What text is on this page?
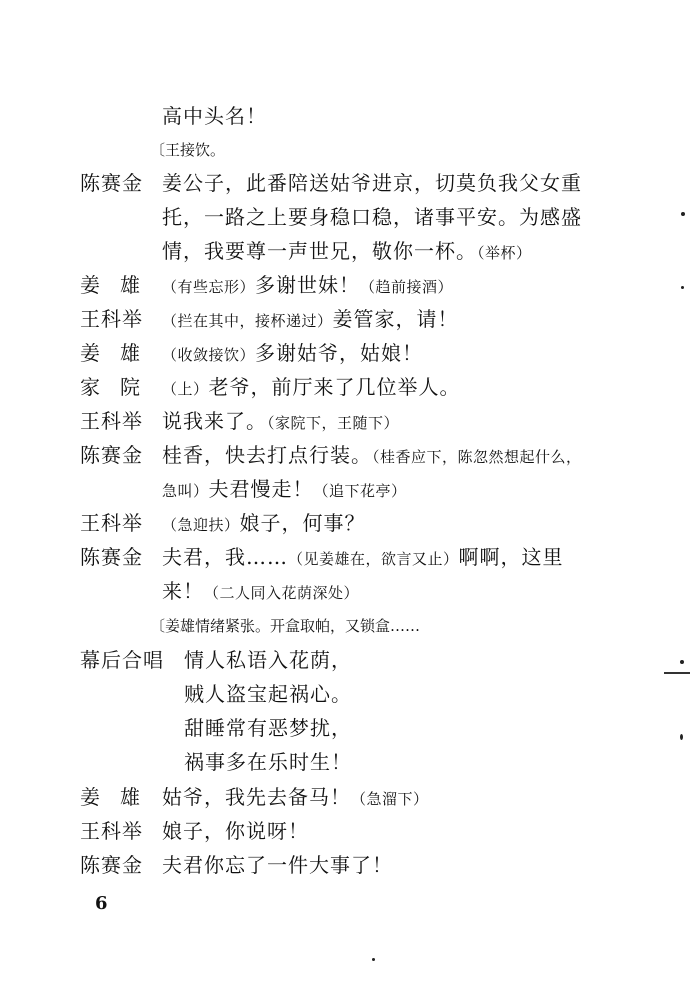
高中头名！
〔王接饮。
陈赛金 姜公子，此番陪送姑爷进京，切莫负我父女重
托，一路之上要身稳口稳，诸事平安。为感盛
情，我要尊一声世兄，敬你一杯。（举杯）
姜雄 （有些忘形）多谢世妹！（趋前接酒）
王科举 （拦在其中，接杯递过）姜管家，请！
姜雄 （收敛接饮）多谢姑爷，姑娘！
家院 （上）老爷，前厅来了几位举人。
王科举 说我来了。（家院下，王随下）
陈赛金 桂香，快去打点行装。（桂香应下，陈忽然想起什么，
急叫）夫君慢走！（追下花亭）
王科举 （急迎扶）娘子，何事？
陈赛金 夫君，我……（见姜雄在，欲言又止）啊啊，这里
来！（二人同入花荫深处）
〔姜雄情绪紧张。开盒取帕，又锁盒……
幕后合唱 情人私语入花荫，
贼人盗宝起祸心。
甜睡常有恶梦扰，
祸事多在乐时生！
姜雄 姑爷，我先去备马！（急溜下）
王科举 娘子，你说呀！
陈赛金 夫君你忘了一件大事了！
6
